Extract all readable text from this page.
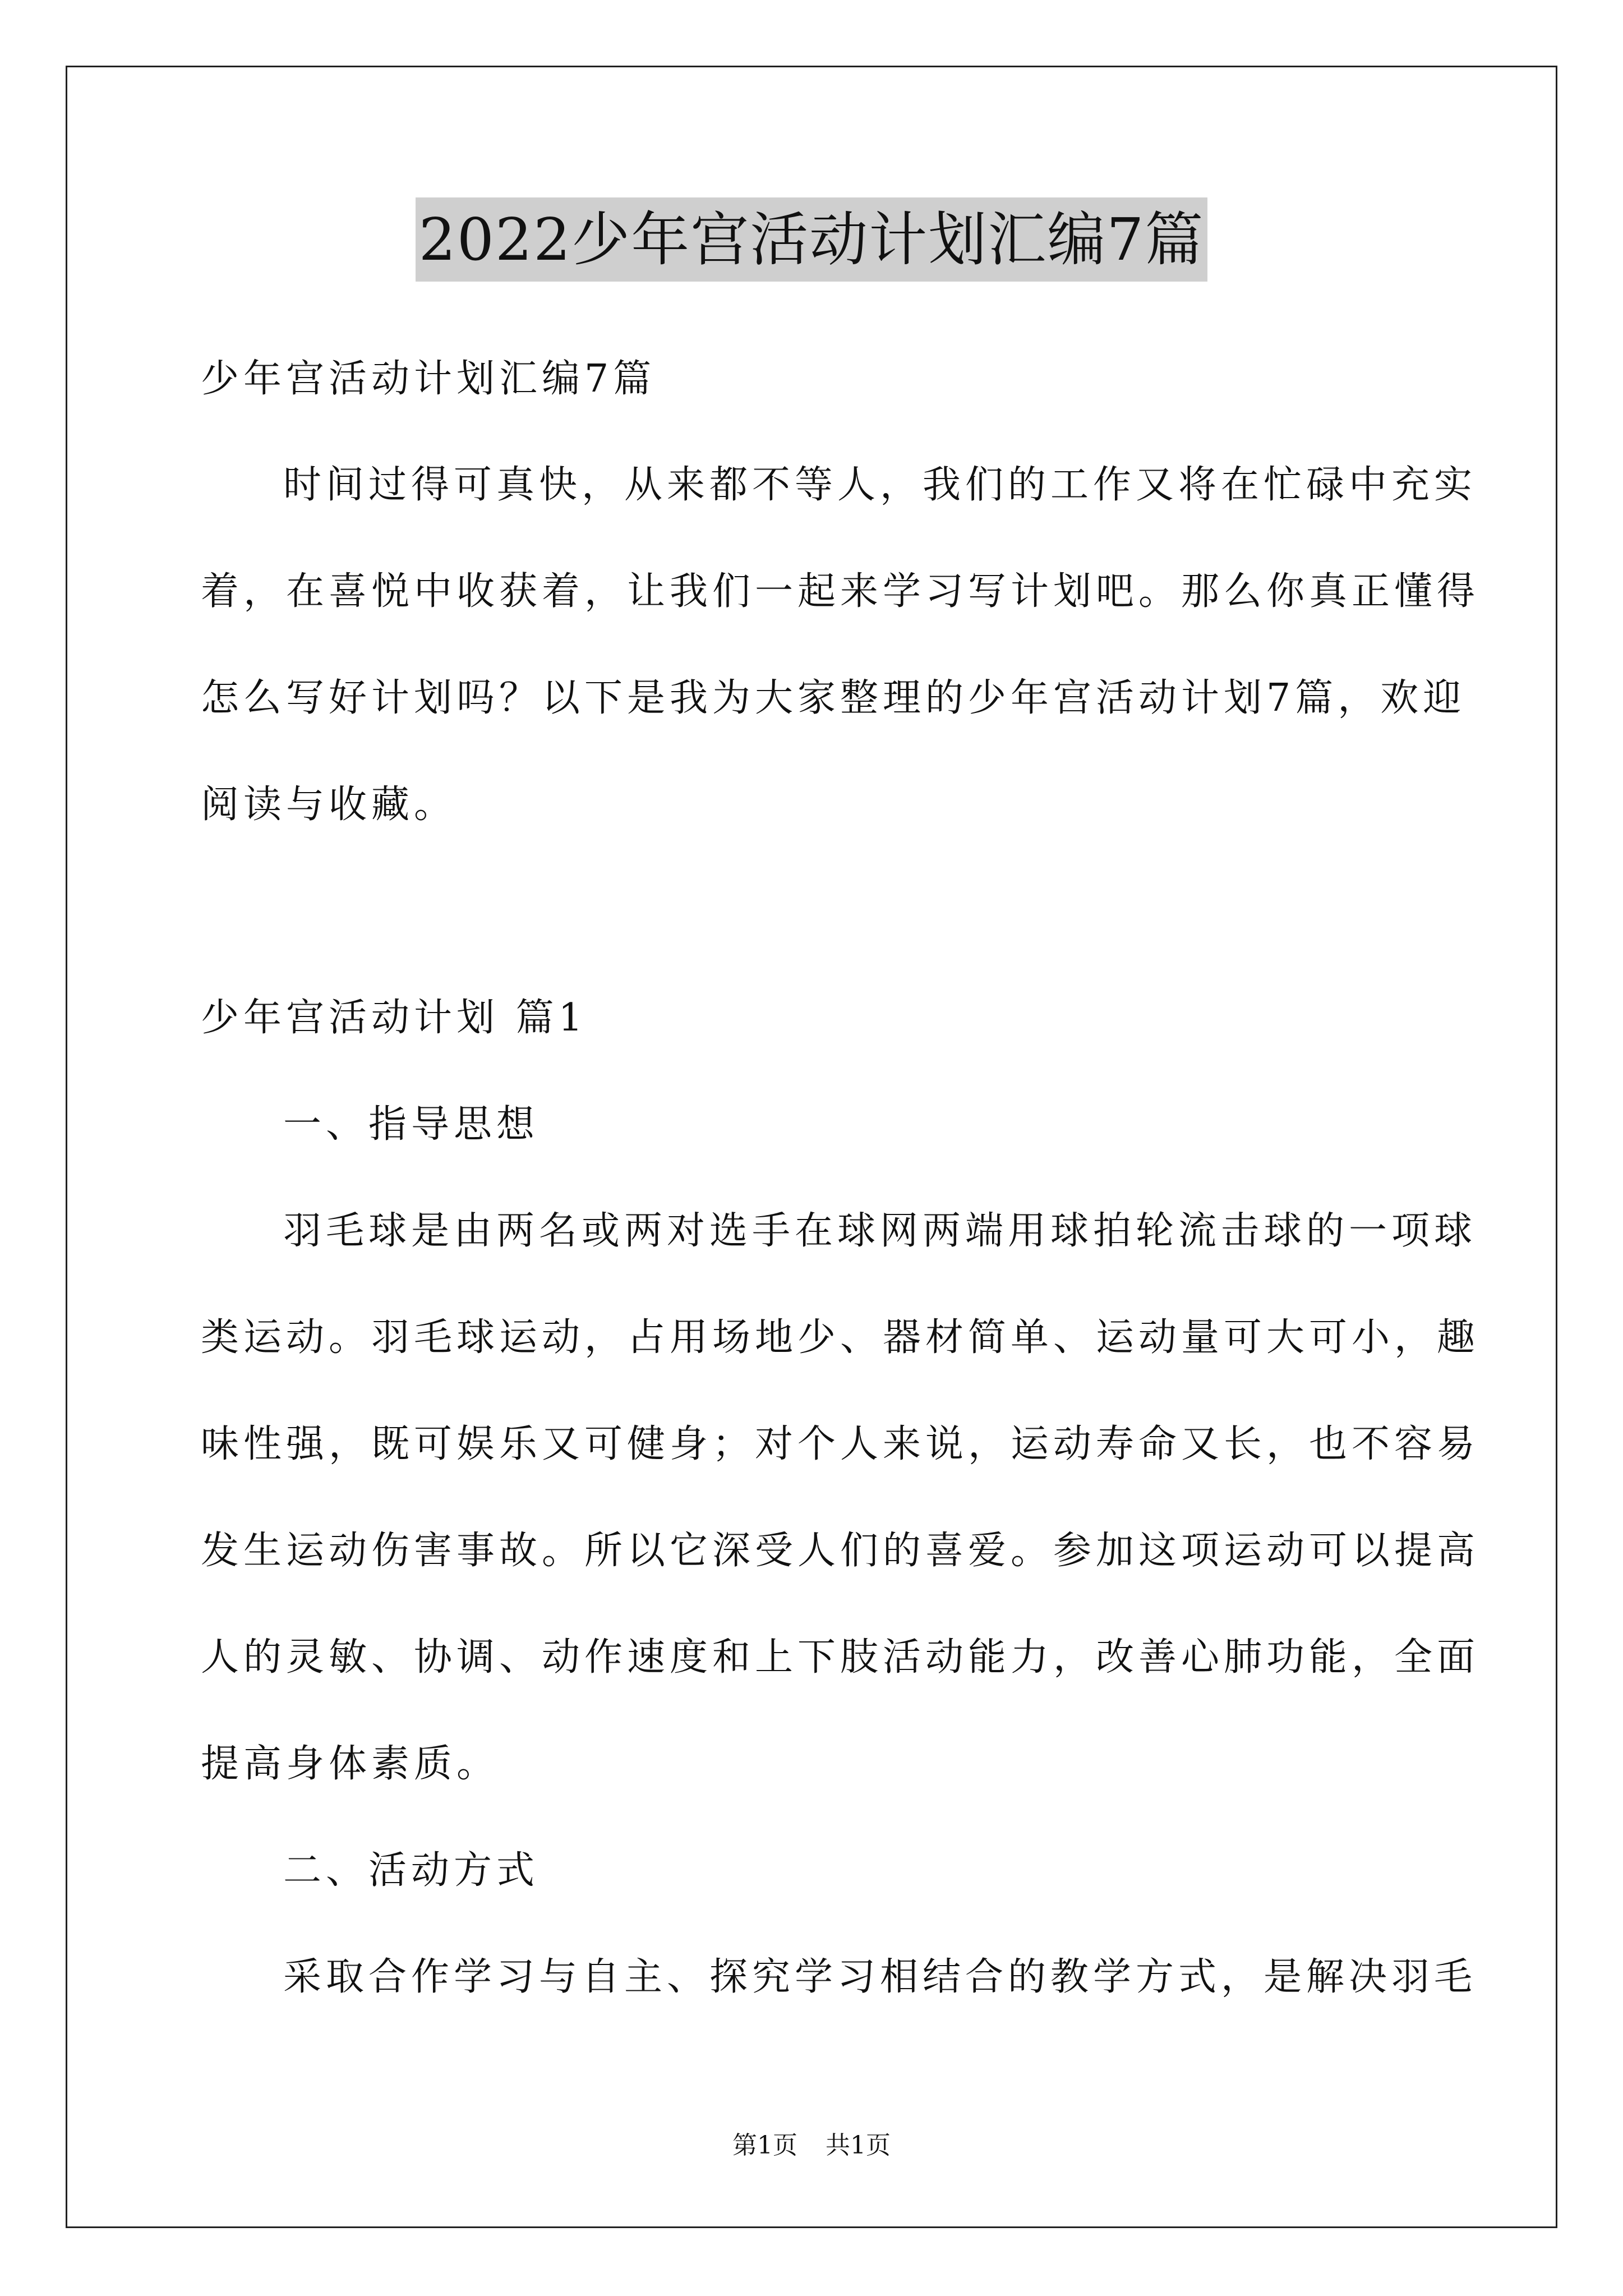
2022少年宫活动计划汇编7篇
少年宫活动计划汇编7篇
时间过得可真快，从来都不等人，我们的工作又将在忙碌中充实
着，在喜悦中收获着，让我们一起来学习写计划吧。那么你真正懂得
怎么写好计划吗？以下是我为大家整理的少年宫活动计划7篇，欢迎
阅读与收藏。
少年宫活动计划 篇1
一、指导思想
羽毛球是由两名或两对选手在球网两端用球拍轮流击球的一项球
类运动。羽毛球运动，占用场地少、器材简单、运动量可大可小，趣
味性强，既可娱乐又可健身；对个人来说，运动寿命又长，也不容易
发生运动伤害事故。所以它深受人们的喜爱。参加这项运动可以提高
人的灵敏、协调、动作速度和上下肢活动能力，改善心肺功能，全面
提高身体素质。
二、活动方式
采取合作学习与自主、探究学习相结合的教学方式，是解决羽毛
第1页 共1页
